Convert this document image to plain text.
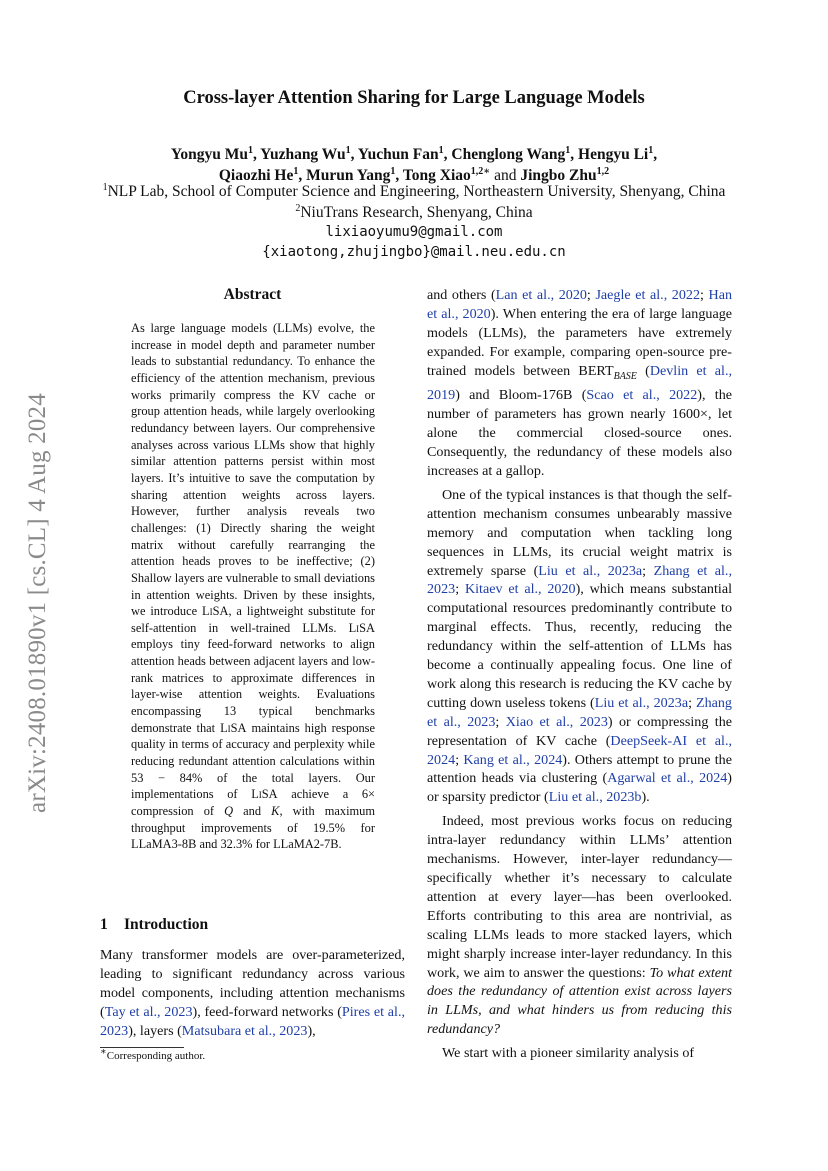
arXiv:2408.01890v1 [cs.CL] 4 Aug 2024
Cross-layer Attention Sharing for Large Language Models
Yongyu Mu$^1$, Yuzhang Wu$^1$, Yuchun Fan$^1$, Chenglong Wang$^1$, Hengyu Li$^1$,
Qiaozhi He$^1$, Murun Yang$^1$, Tong Xiao$^{1,2∗}$ and Jingbo Zhu$^{1,2}$
$^1$NLP Lab, School of Computer Science and Engineering, Northeastern University, Shenyang, China
$^2$NiuTrans Research, Shenyang, China
lixiaoyumu9@gmail.com
{xiaotong,zhujingbo}@mail.neu.edu.cn
Abstract
As large language models (LLMs) evolve, the increase in model depth and parameter number leads to substantial redundancy. To enhance the efficiency of the attention mechanism, previous works primarily compress the KV cache or group attention heads, while largely overlooking redundancy between layers. Our comprehensive analyses across various LLMs show that highly similar attention patterns persist within most layers. It’s intuitive to save the computation by sharing attention weights across layers. However, further analysis reveals two challenges: (1) Directly sharing the weight matrix without carefully rearranging the attention heads proves to be ineffective; (2) Shallow layers are vulnerable to small deviations in attention weights. Driven by these insights, we introduce LiSA, a lightweight substitute for self-attention in well-trained LLMs. LiSA employs tiny feed-forward networks to align attention heads between adjacent layers and low-rank matrices to approximate differences in layer-wise attention weights. Evaluations encompassing 13 typical benchmarks demonstrate that LiSA maintains high response quality in terms of accuracy and perplexity while reducing redundant attention calculations within 53 − 84% of the total layers. Our implementations of LiSA achieve a 6× compression of Q and K, with maximum throughput improvements of 19.5% for LLaMA3-8B and 32.3% for LLaMA2-7B.
1 Introduction
Many transformer models are over-parameterized, leading to significant redundancy across various model components, including attention mechanisms (Tay et al., 2023), feed-forward networks (Pires et al., 2023), layers (Matsubara et al., 2023),
∗Corresponding author.

and others (Lan et al., 2020; Jaegle et al., 2022; Han et al., 2020). When entering the era of large language models (LLMs), the parameters have extremely expanded. For example, comparing open-source pre-trained models between $BERT_{BASE}$ (Devlin et al., 2019) and Bloom-176B (Scao et al., 2022), the number of parameters has grown nearly 1600×, let alone the commercial closed-source ones. Consequently, the redundancy of these models also increases at a gallop.

One of the typical instances is that though the self-attention mechanism consumes unbearably massive memory and computation when tackling long sequences in LLMs, its crucial weight matrix is extremely sparse (Liu et al., 2023a; Zhang et al., 2023; Kitaev et al., 2020), which means substantial computational resources predominantly contribute to marginal effects. Thus, recently, reducing the redundancy within the self-attention of LLMs has become a continually appealing focus. One line of work along this research is reducing the KV cache by cutting down useless tokens (Liu et al., 2023a; Zhang et al., 2023; Xiao et al., 2023) or compressing the representation of KV cache (DeepSeek-AI et al., 2024; Kang et al., 2024). Others attempt to prune the attention heads via clustering (Agarwal et al., 2024) or sparsity predictor (Liu et al., 2023b).

Indeed, most previous works focus on reducing intra-layer redundancy within LLMs’ attention mechanisms. However, inter-layer redundancy—specifically whether it’s necessary to calculate attention at every layer—has been overlooked. Efforts contributing to this area are nontrivial, as scaling LLMs leads to more stacked layers, which might sharply increase inter-layer redundancy. In this work, we aim to answer the questions: To what extent does the redundancy of attention exist across layers in LLMs, and what hinders us from reducing this redundancy?

We start with a pioneer similarity analysis of
